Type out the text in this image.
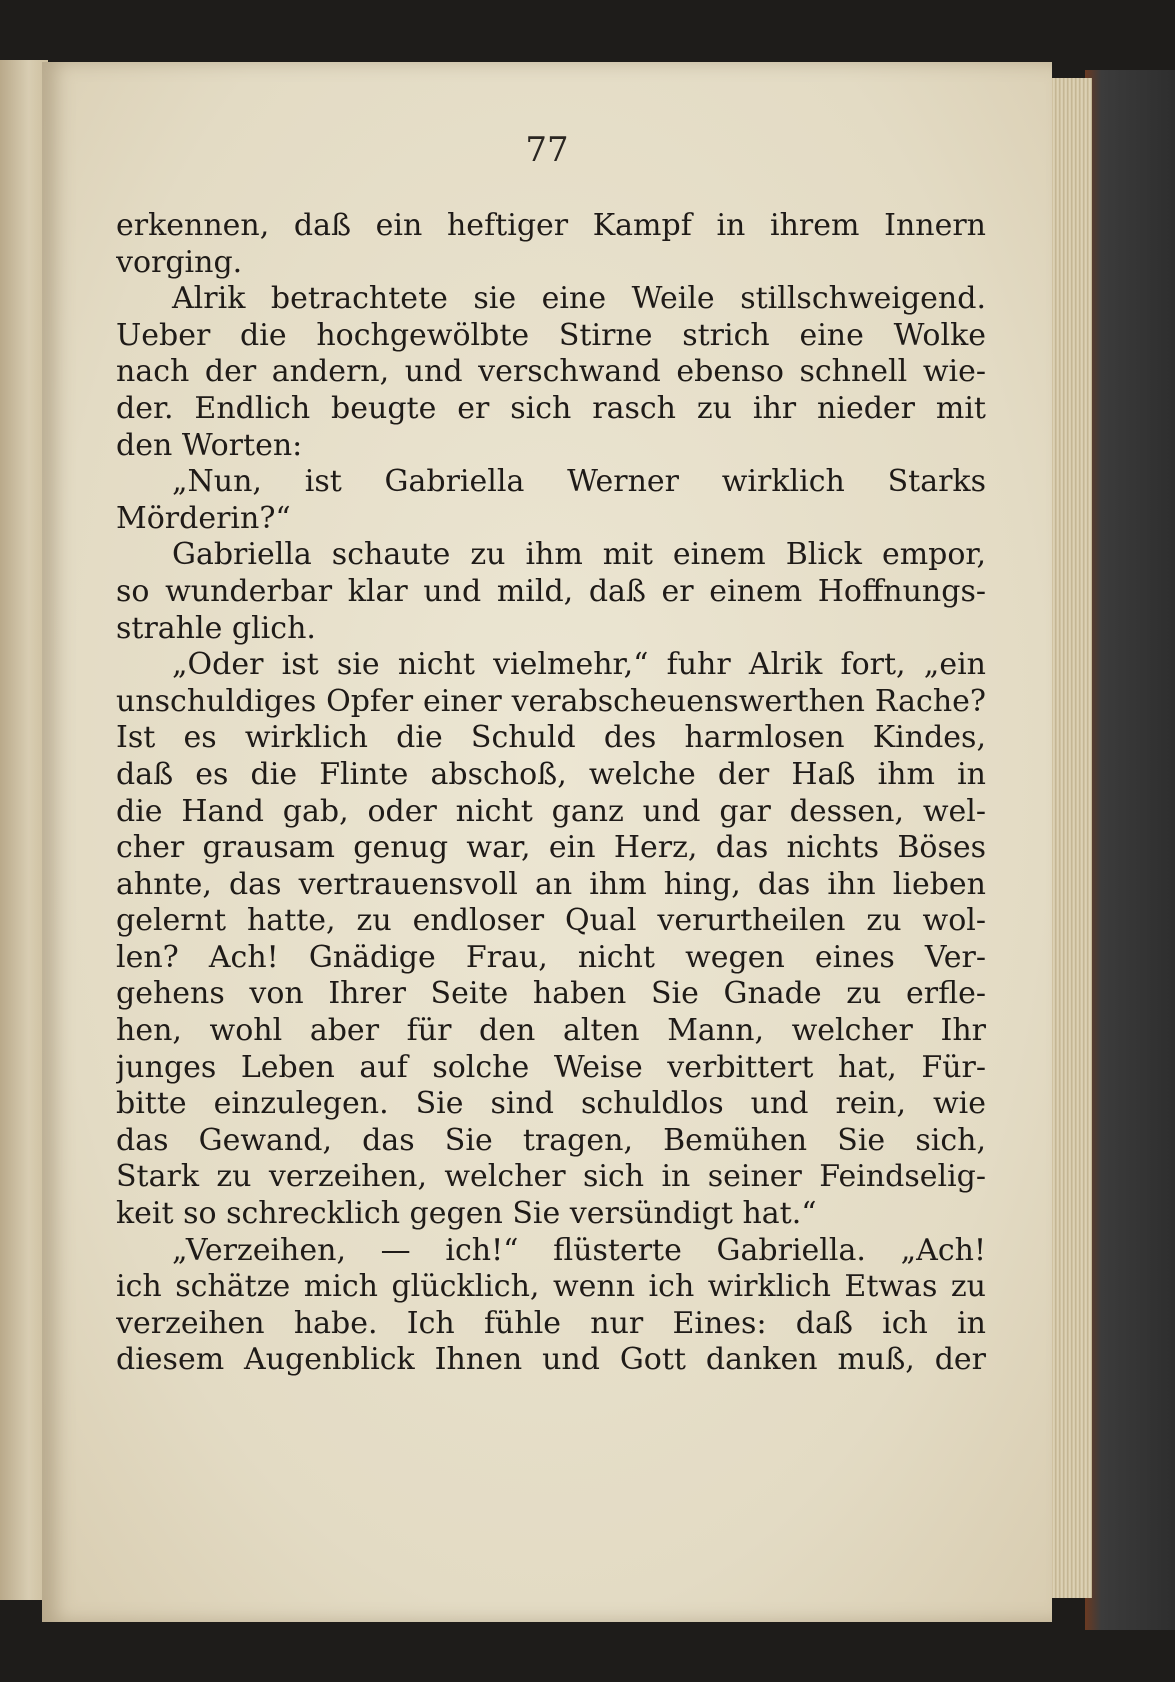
77
erkennen, daß ein heftiger Kampf in ihrem Innern
vorging.
Alrik betrachtete sie eine Weile stillschweigend.
Ueber die hochgewölbte Stirne strich eine Wolke
nach der andern, und verschwand ebenso schnell wie-
der. Endlich beugte er sich rasch zu ihr nieder mit
den Worten:
„Nun, ist Gabriella Werner wirklich Starks
Mörderin?“
Gabriella schaute zu ihm mit einem Blick empor,
so wunderbar klar und mild, daß er einem Hoffnungs-
strahle glich.
„Oder ist sie nicht vielmehr,“ fuhr Alrik fort, „ein
unschuldiges Opfer einer verabscheuenswerthen Rache?
Ist es wirklich die Schuld des harmlosen Kindes,
daß es die Flinte abschoß, welche der Haß ihm in
die Hand gab, oder nicht ganz und gar dessen, wel-
cher grausam genug war, ein Herz, das nichts Böses
ahnte, das vertrauensvoll an ihm hing, das ihn lieben
gelernt hatte, zu endloser Qual verurtheilen zu wol-
len? Ach! Gnädige Frau, nicht wegen eines Ver-
gehens von Ihrer Seite haben Sie Gnade zu erfle-
hen, wohl aber für den alten Mann, welcher Ihr
junges Leben auf solche Weise verbittert hat, Für-
bitte einzulegen. Sie sind schuldlos und rein, wie
das Gewand, das Sie tragen, Bemühen Sie sich,
Stark zu verzeihen, welcher sich in seiner Feindselig-
keit so schrecklich gegen Sie versündigt hat.“
„Verzeihen, — ich!“ flüsterte Gabriella. „Ach!
ich schätze mich glücklich, wenn ich wirklich Etwas zu
verzeihen habe. Ich fühle nur Eines: daß ich in
diesem Augenblick Ihnen und Gott danken muß, der
